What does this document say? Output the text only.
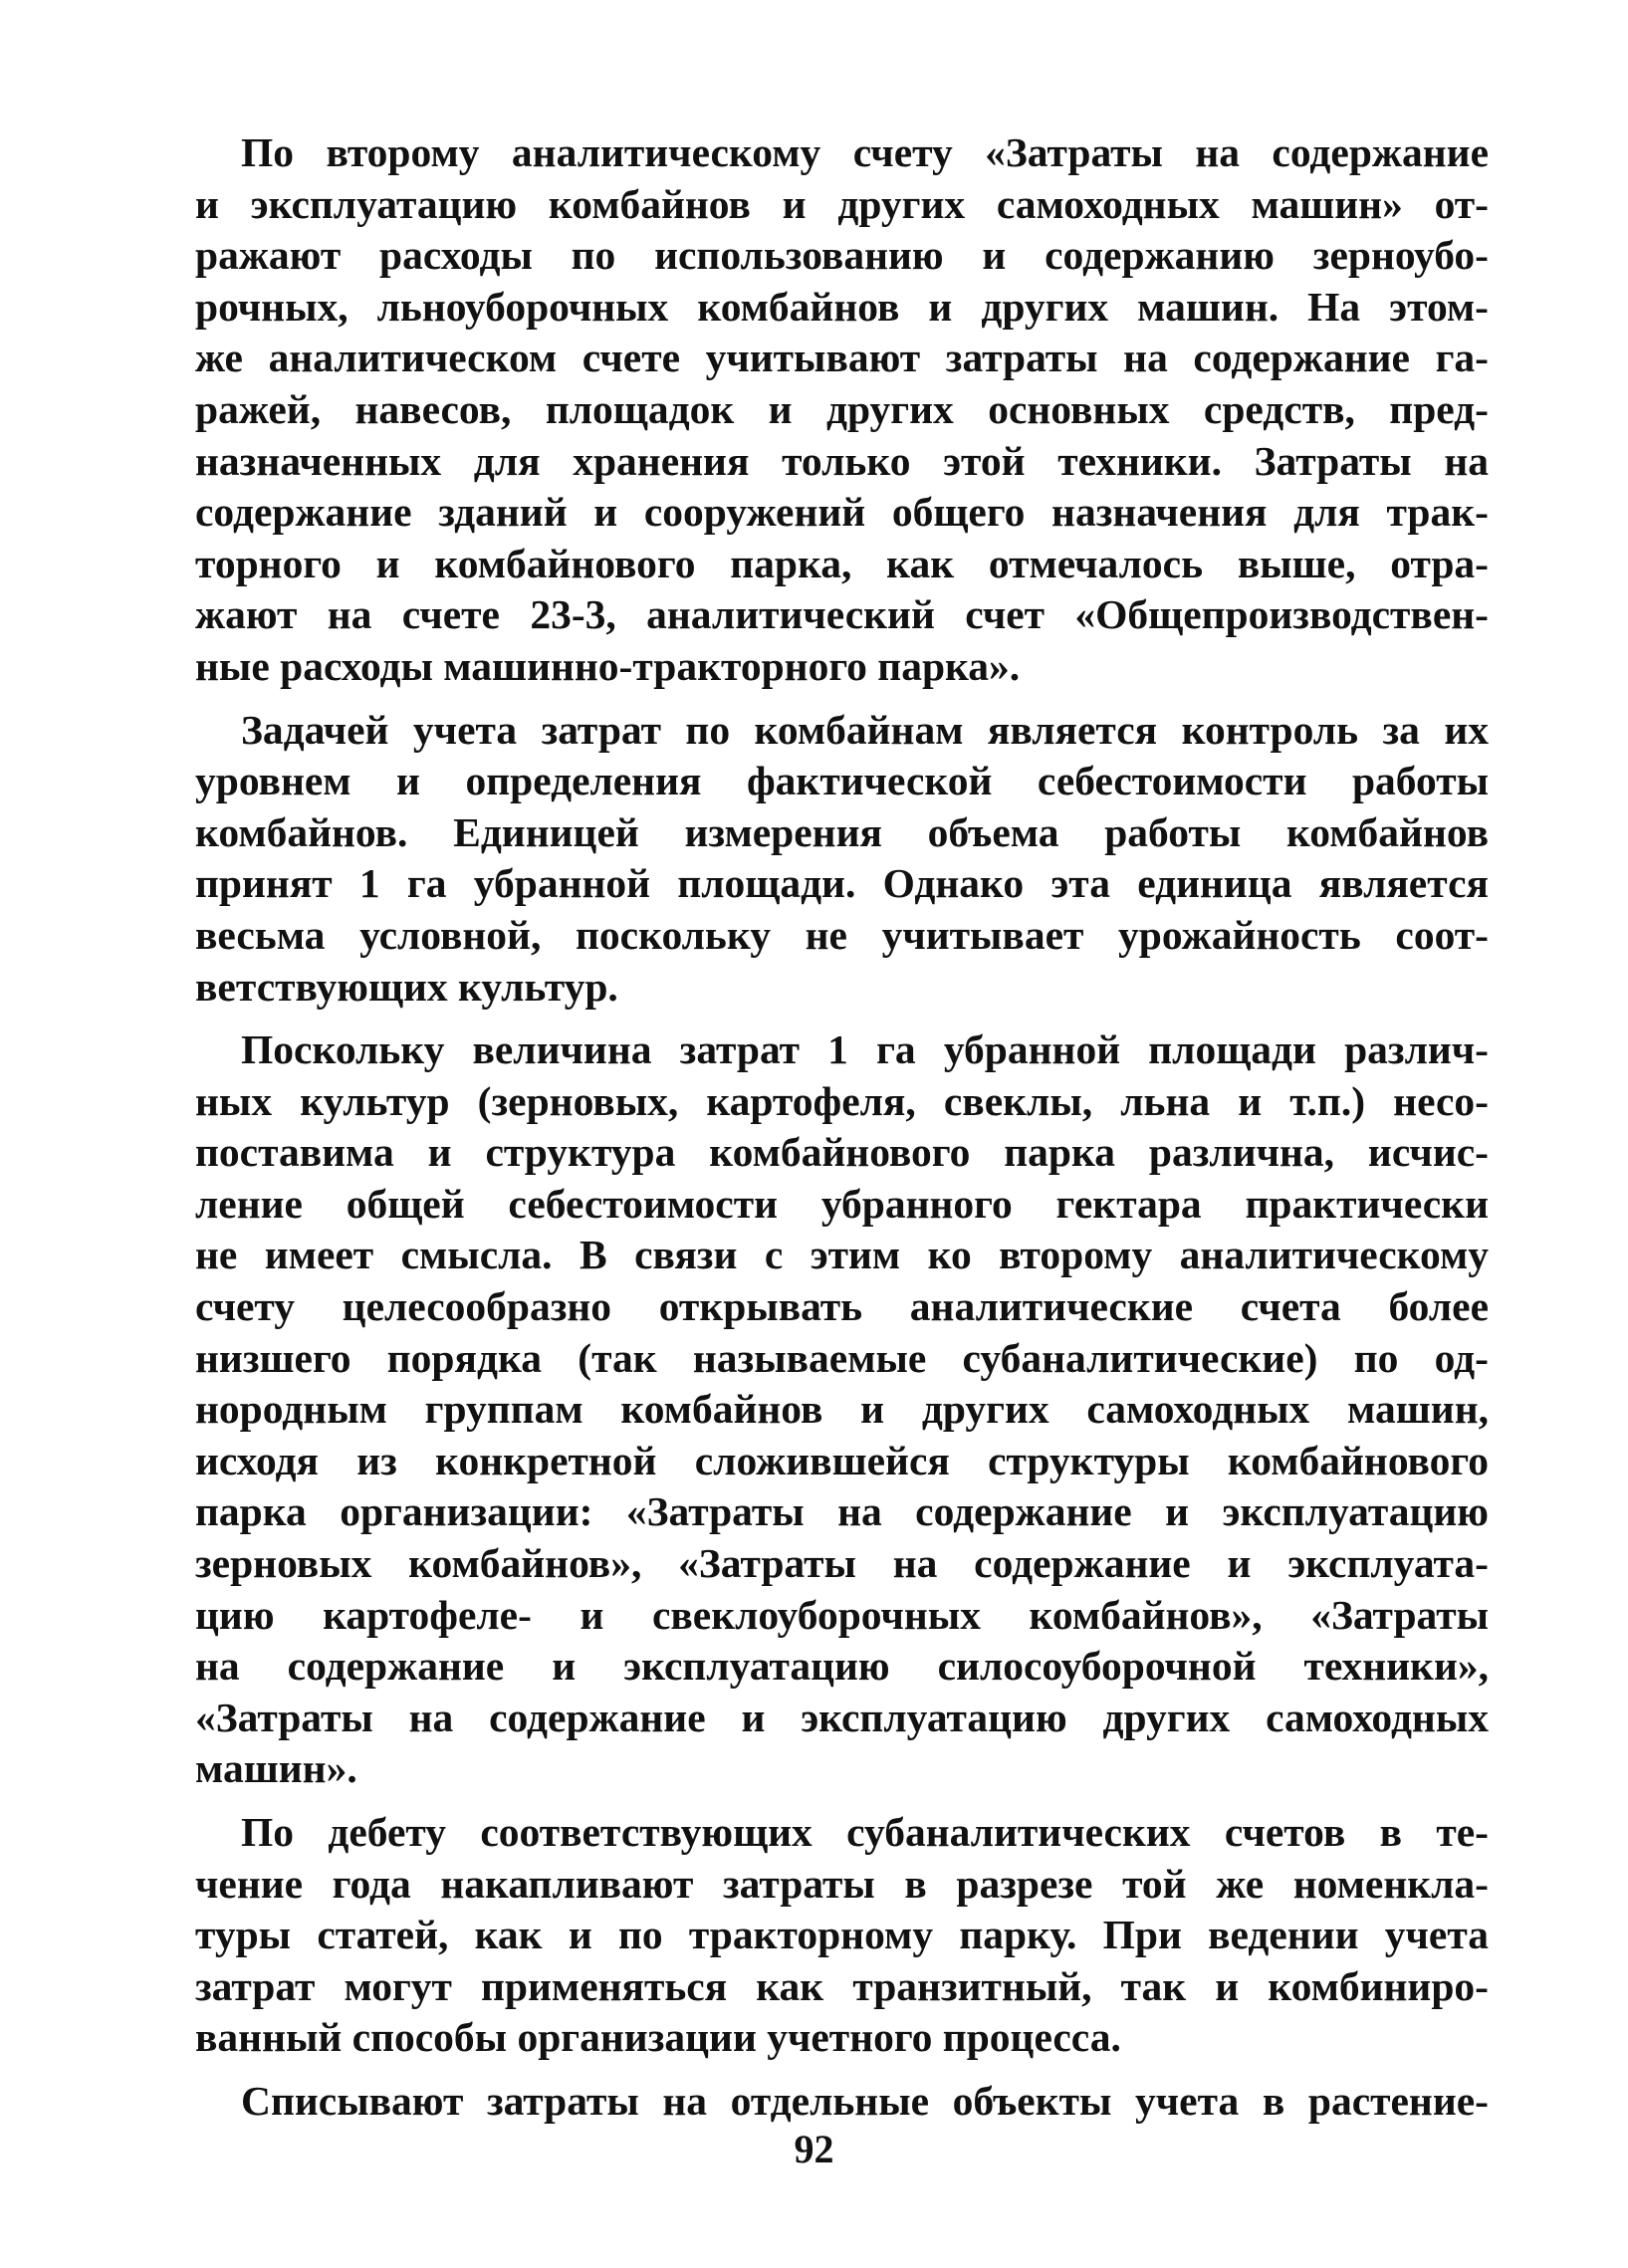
По второму аналитическому счету «Затраты на содержание
и эксплуатацию комбайнов и других самоходных машин» от-
ражают расходы по использованию и содержанию зерноубо-
рочных, льноуборочных комбайнов и других машин. На этом-
же аналитическом счете учитывают затраты на содержание га-
ражей, навесов, площадок и других основных средств, пред-
назначенных для хранения только этой техники. Затраты на
содержание зданий и сооружений общего назначения для трак-
торного и комбайнового парка, как отмечалось выше, отра-
жают на счете 23-3, аналитический счет «Общепроизводствен-
ные расходы машинно-тракторного парка».
Задачей учета затрат по комбайнам является контроль за их
уровнем и определения фактической себестоимости работы
комбайнов. Единицей измерения объема работы комбайнов
принят 1 га убранной площади. Однако эта единица является
весьма условной, поскольку не учитывает урожайность соот-
ветствующих культур.
Поскольку величина затрат 1 га убранной площади различ-
ных культур (зерновых, картофеля, свеклы, льна и т.п.) несо-
поставима и структура комбайнового парка различна, исчис-
ление общей себестоимости убранного гектара практически
не имеет смысла. В связи с этим ко второму аналитическому
счету целесообразно открывать аналитические счета более
низшего порядка (так называемые субаналитические) по од-
нородным группам комбайнов и других самоходных машин,
исходя из конкретной сложившейся структуры комбайнового
парка организации: «Затраты на содержание и эксплуатацию
зерновых комбайнов», «Затраты на содержание и эксплуата-
цию картофеле- и свеклоуборочных комбайнов», «Затраты
на содержание и эксплуатацию силосоуборочной техники»,
«Затраты на содержание и эксплуатацию других самоходных
машин».
По дебету соответствующих субаналитических счетов в те-
чение года накапливают затраты в разрезе той же номенкла-
туры статей, как и по тракторному парку. При ведении учета
затрат могут применяться как транзитный, так и комбиниро-
ванный способы организации учетного процесса.
Списывают затраты на отдельные объекты учета в растение-
92
